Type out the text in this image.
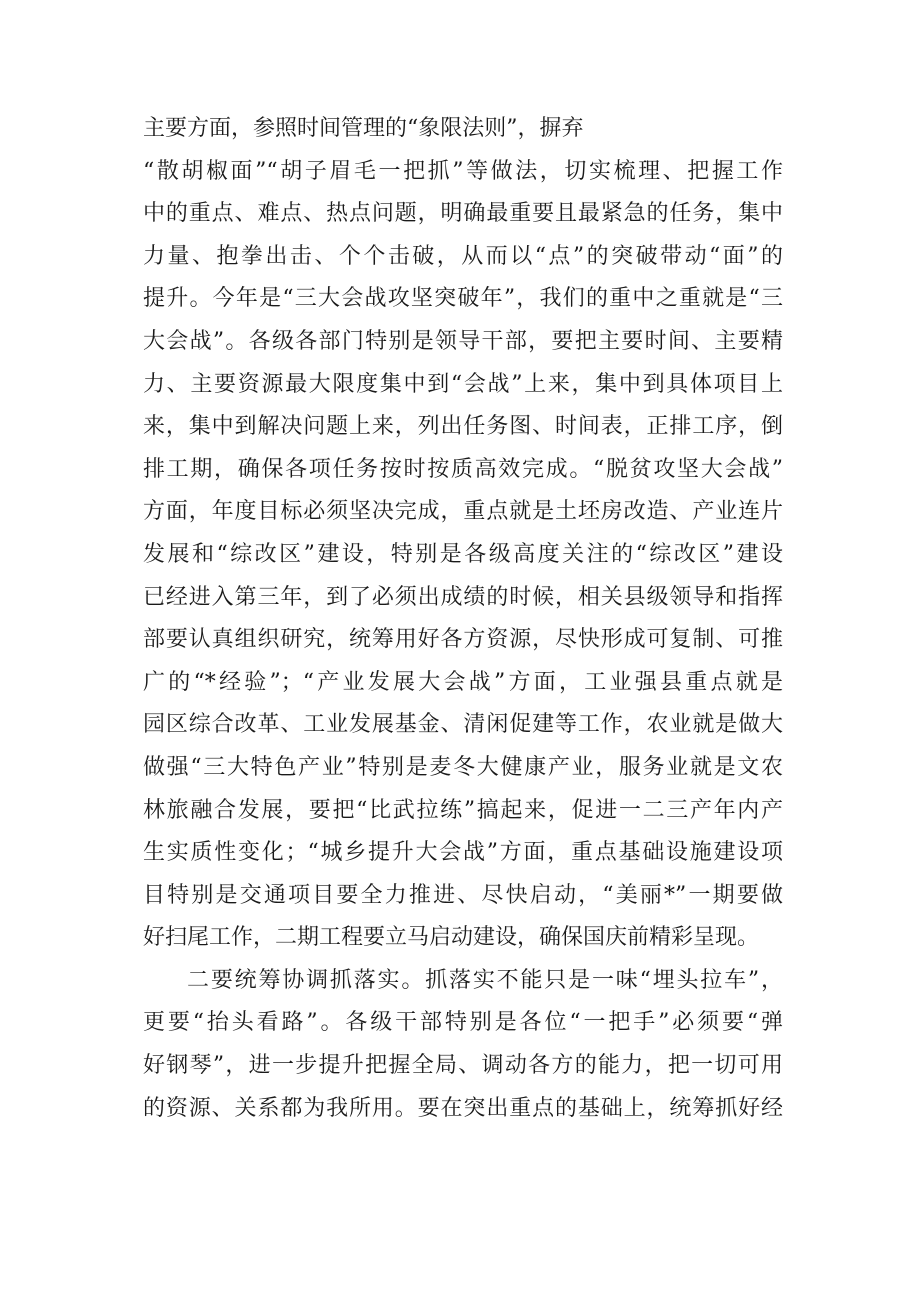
主要方面，参照时间管理的“象限法则”，摒弃
“散胡椒面”“胡子眉毛一把抓”等做法，切实梳理、把握工作
中的重点、难点、热点问题，明确最重要且最紧急的任务，集中
力量、抱拳出击、个个击破，从而以“点”的突破带动“面”的
提升。今年是“三大会战攻坚突破年”，我们的重中之重就是“三
大会战”。各级各部门特别是领导干部，要把主要时间、主要精
力、主要资源最大限度集中到“会战”上来，集中到具体项目上
来，集中到解决问题上来，列出任务图、时间表，正排工序，倒
排工期，确保各项任务按时按质高效完成。“脱贫攻坚大会战”
方面，年度目标必须坚决完成，重点就是土坯房改造、产业连片
发展和“综改区”建设，特别是各级高度关注的“综改区”建设
已经进入第三年，到了必须出成绩的时候，相关县级领导和指挥
部要认真组织研究，统筹用好各方资源，尽快形成可复制、可推
广的“*经验”；“产业发展大会战”方面，工业强县重点就是
园区综合改革、工业发展基金、清闲促建等工作，农业就是做大
做强“三大特色产业”特别是麦冬大健康产业，服务业就是文农
林旅融合发展，要把“比武拉练”搞起来，促进一二三产年内产
生实质性变化；“城乡提升大会战”方面，重点基础设施建设项
目特别是交通项目要全力推进、尽快启动，“美丽*”一期要做
好扫尾工作，二期工程要立马启动建设，确保国庆前精彩呈现。
二要统筹协调抓落实。抓落实不能只是一味“埋头拉车”，
更要“抬头看路”。各级干部特别是各位“一把手”必须要“弹
好钢琴”，进一步提升把握全局、调动各方的能力，把一切可用
的资源、关系都为我所用。要在突出重点的基础上，统筹抓好经
